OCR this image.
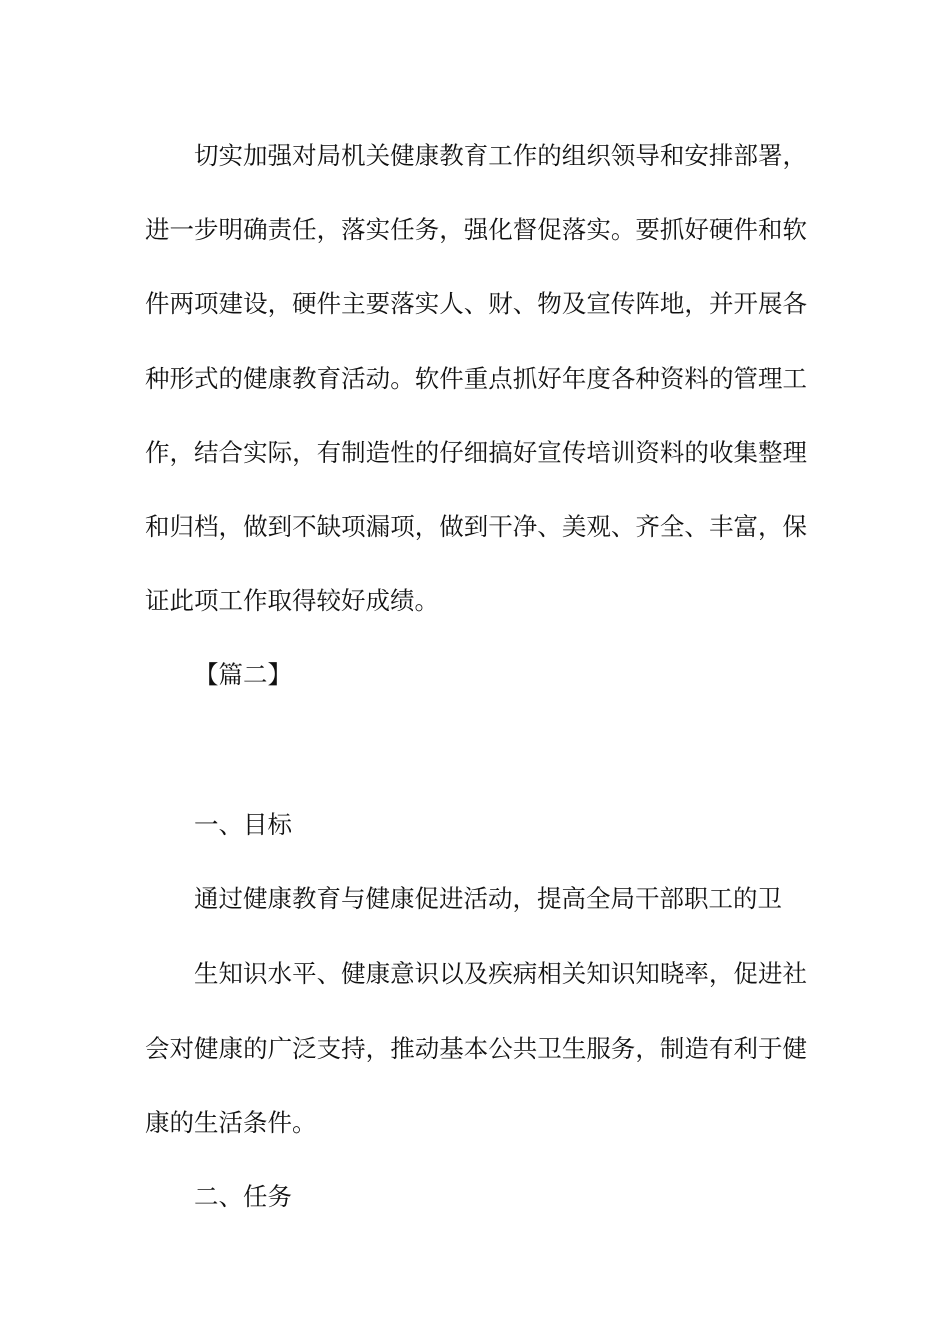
切实加强对局机关健康教育工作的组织领导和安排部署，
进一步明确责任，落实任务，强化督促落实。要抓好硬件和软
件两项建设，硬件主要落实人、财、物及宣传阵地，并开展各
种形式的健康教育活动。软件重点抓好年度各种资料的管理工
作，结合实际，有制造性的仔细搞好宣传培训资料的收集整理
和归档，做到不缺项漏项，做到干净、美观、齐全、丰富，保
证此项工作取得较好成绩。
【篇二】
一、目标
通过健康教育与健康促进活动，提高全局干部职工的卫
生知识水平、健康意识以及疾病相关知识知晓率，促进社
会对健康的广泛支持，推动基本公共卫生服务，制造有利于健
康的生活条件。
二、任务
